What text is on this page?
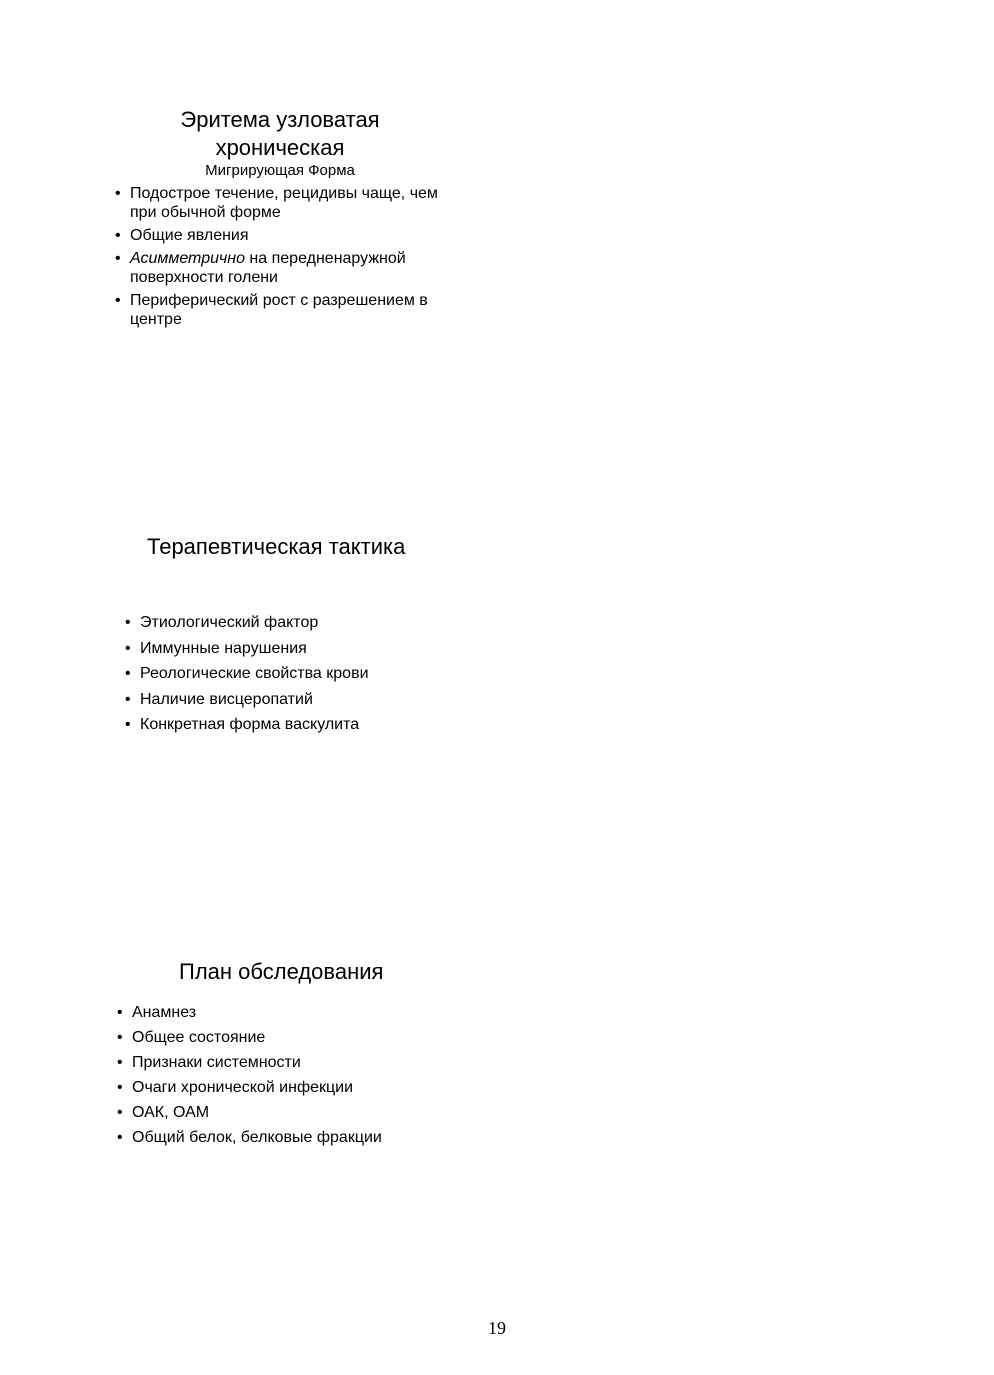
Эритема узловатая
хроническая

Мигрирующая Форма

• Подострое течение, рецидивы чаще, чем при обычной форме
• Общие явления
• Асимметрично на передненаружной поверхности голени
• Периферический рост с разрешением в центре
Терапевтическая тактика
• Этиологический фактор
• Иммунные нарушения
• Реологические свойства крови
• Наличие висцеропатий
• Конкретная форма васкулита
План обследования
• Анамнез
• Общее состояние
• Признаки системности
• Очаги хронической инфекции
• ОАК, ОАМ
• Общий белок, белковые фракции
19
